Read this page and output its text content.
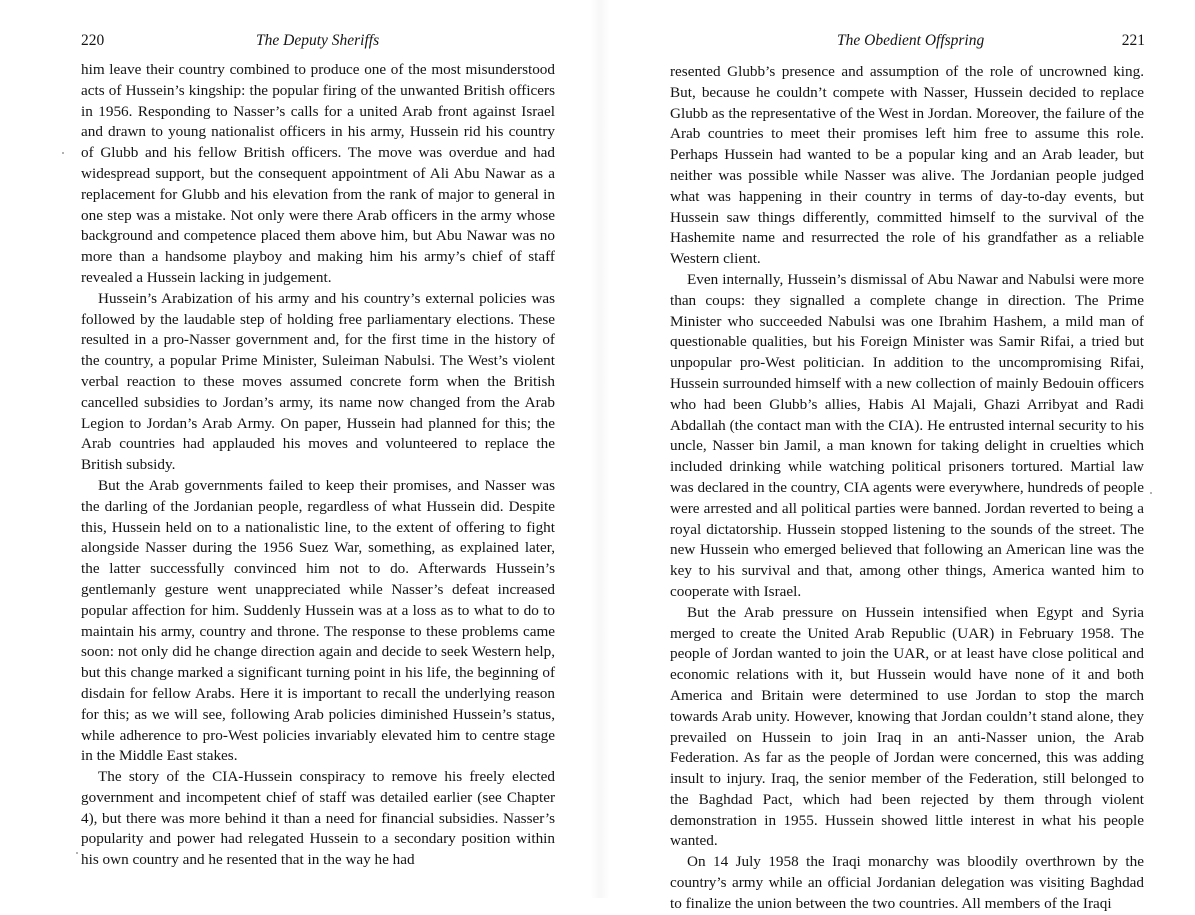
220	The Deputy Sheriffs

him leave their country combined to produce one of the most misunderstood acts of Hussein’s kingship: the popular firing of the unwanted British officers in 1956. Responding to Nasser’s calls for a united Arab front against Israel and drawn to young nationalist officers in his army, Hussein rid his country of Glubb and his fellow British officers. The move was overdue and had widespread support, but the consequent appointment of Ali Abu Nawar as a replacement for Glubb and his elevation from the rank of major to general in one step was a mistake. Not only were there Arab officers in the army whose background and competence placed them above him, but Abu Nawar was no more than a handsome playboy and making him his army’s chief of staff revealed a Hussein lacking in judgement.

Hussein’s Arabization of his army and his country’s external policies was followed by the laudable step of holding free parliamentary elections. These resulted in a pro-Nasser government and, for the first time in the history of the country, a popular Prime Minister, Suleiman Nabulsi. The West’s violent verbal reaction to these moves assumed concrete form when the British cancelled subsidies to Jordan’s army, its name now changed from the Arab Legion to Jordan’s Arab Army. On paper, Hussein had planned for this; the Arab countries had applauded his moves and volunteered to replace the British subsidy.

But the Arab governments failed to keep their promises, and Nasser was the darling of the Jordanian people, regardless of what Hussein did. Despite this, Hussein held on to a nationalistic line, to the extent of offering to fight alongside Nasser during the 1956 Suez War, something, as explained later, the latter successfully convinced him not to do. Afterwards Hussein’s gentlemanly gesture went unappreciated while Nasser’s defeat increased popular affection for him. Suddenly Hussein was at a loss as to what to do to maintain his army, country and throne. The response to these problems came soon: not only did he change direction again and decide to seek Western help, but this change marked a significant turning point in his life, the beginning of disdain for fellow Arabs. Here it is important to recall the underlying reason for this; as we will see, following Arab policies diminished Hussein’s status, while adherence to pro-West policies invariably elevated him to centre stage in the Middle East stakes.

The story of the CIA-Hussein conspiracy to remove his freely elected government and incompetent chief of staff was detailed earlier (see Chapter 4), but there was more behind it than a need for financial subsidies. Nasser’s popularity and power had relegated Hussein to a secondary position within his own country and he resented that in the way he had

The Obedient Offspring	221

resented Glubb’s presence and assumption of the role of uncrowned king. But, because he couldn’t compete with Nasser, Hussein decided to replace Glubb as the representative of the West in Jordan. Moreover, the failure of the Arab countries to meet their promises left him free to assume this role. Perhaps Hussein had wanted to be a popular king and an Arab leader, but neither was possible while Nasser was alive. The Jordanian people judged what was happening in their country in terms of day-to-day events, but Hussein saw things differently, committed himself to the survival of the Hashemite name and resurrected the role of his grandfather as a reliable Western client.

Even internally, Hussein’s dismissal of Abu Nawar and Nabulsi were more than coups: they signalled a complete change in direction. The Prime Minister who succeeded Nabulsi was one Ibrahim Hashem, a mild man of questionable qualities, but his Foreign Minister was Samir Rifai, a tried but unpopular pro-West politician. In addition to the uncompromising Rifai, Hussein surrounded himself with a new collection of mainly Bedouin officers who had been Glubb’s allies, Habis Al Majali, Ghazi Arribyat and Radi Abdallah (the contact man with the CIA). He entrusted internal security to his uncle, Nasser bin Jamil, a man known for taking delight in cruelties which included drinking while watching political prisoners tortured. Martial law was declared in the country, CIA agents were everywhere, hundreds of people were arrested and all political parties were banned. Jordan reverted to being a royal dictatorship. Hussein stopped listening to the sounds of the street. The new Hussein who emerged believed that following an American line was the key to his survival and that, among other things, America wanted him to cooperate with Israel.

But the Arab pressure on Hussein intensified when Egypt and Syria merged to create the United Arab Republic (UAR) in February 1958. The people of Jordan wanted to join the UAR, or at least have close political and economic relations with it, but Hussein would have none of it and both America and Britain were determined to use Jordan to stop the march towards Arab unity. However, knowing that Jordan couldn’t stand alone, they prevailed on Hussein to join Iraq in an anti-Nasser union, the Arab Federation. As far as the people of Jordan were concerned, this was adding insult to injury. Iraq, the senior member of the Federation, still belonged to the Baghdad Pact, which had been rejected by them through violent demonstration in 1955. Hussein showed little interest in what his people wanted.

On 14 July 1958 the Iraqi monarchy was bloodily overthrown by the country’s army while an official Jordanian delegation was visiting Baghdad to finalize the union between the two countries. All members of the Iraqi
